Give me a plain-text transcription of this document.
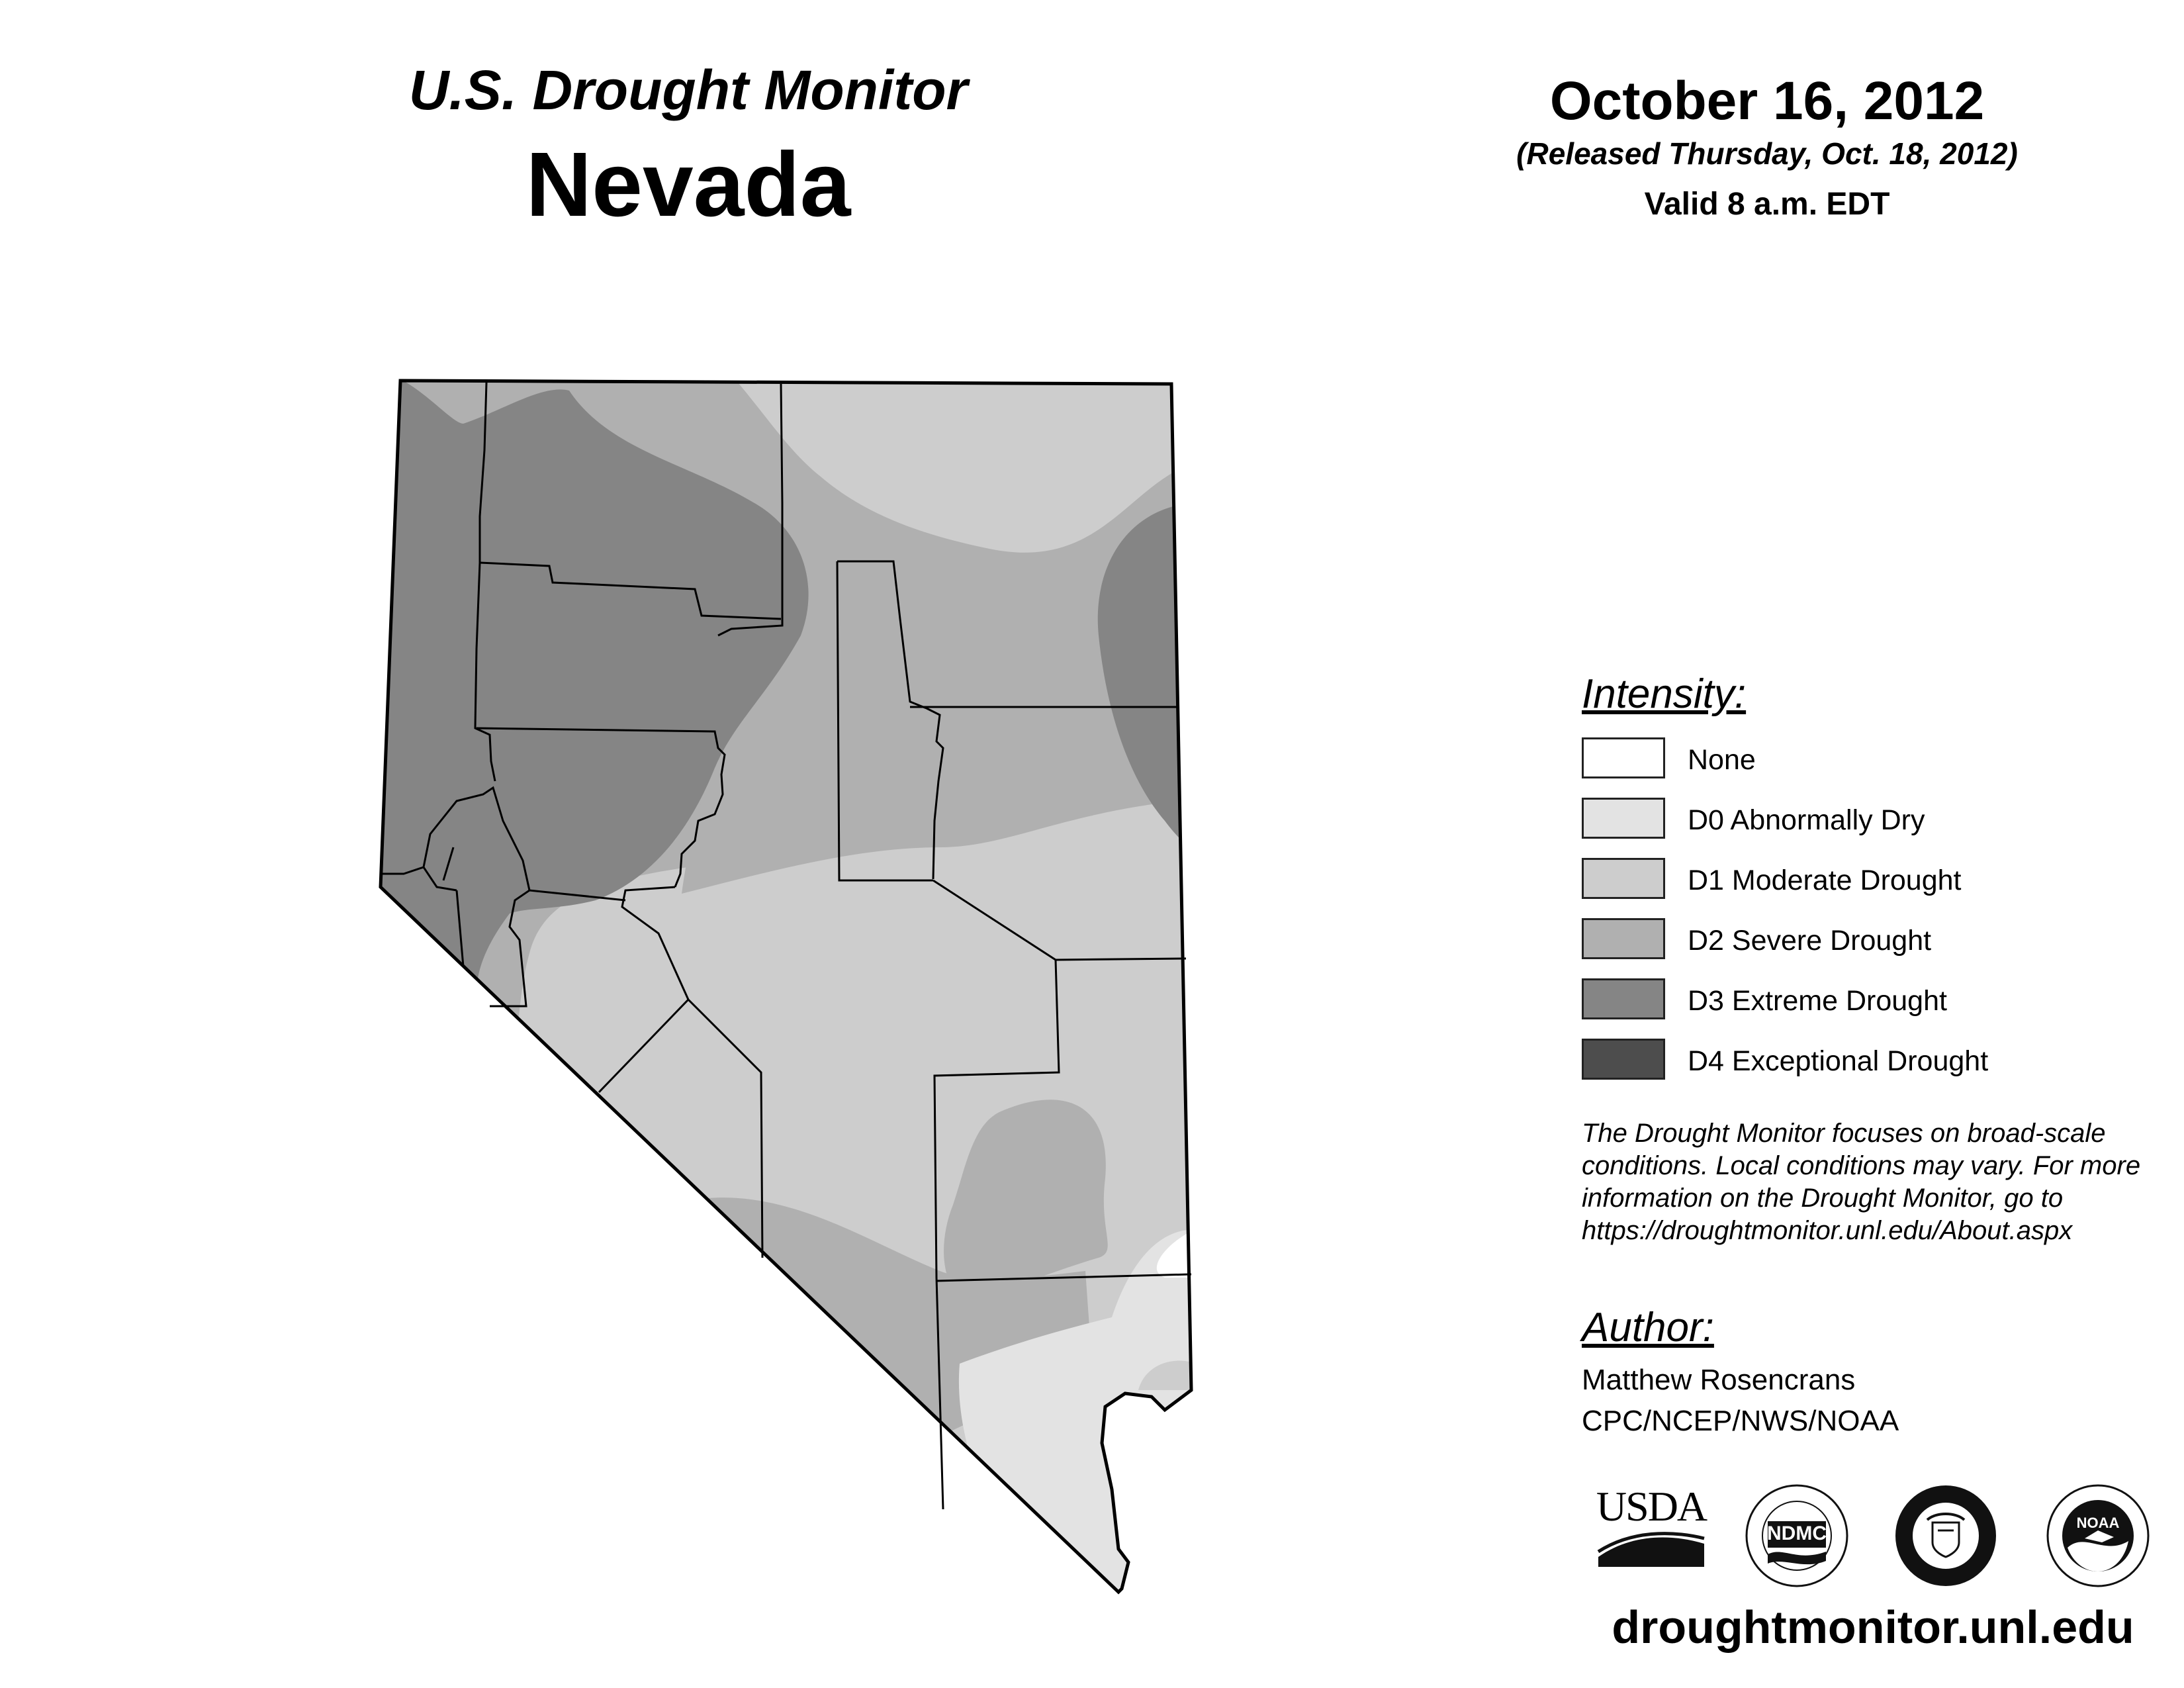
U.S. Drought Monitor
Nevada
October 16, 2012
(Released Thursday, Oct. 18, 2012)
Valid 8 a.m. EDT
Intensity:
None
D0 Abnormally Dry
D1 Moderate Drought
D2 Severe Drought
D3 Extreme Drought
D4 Exceptional Drought
The Drought Monitor focuses on broad-scale conditions. Local conditions may vary. For more information on the Drought Monitor, go to https://droughtmonitor.unl.edu/About.aspx
Author:
Matthew Rosencrans
CPC/NCEP/NWS/NOAA
USDA
NDMC	NOAA
droughtmonitor.unl.edu
